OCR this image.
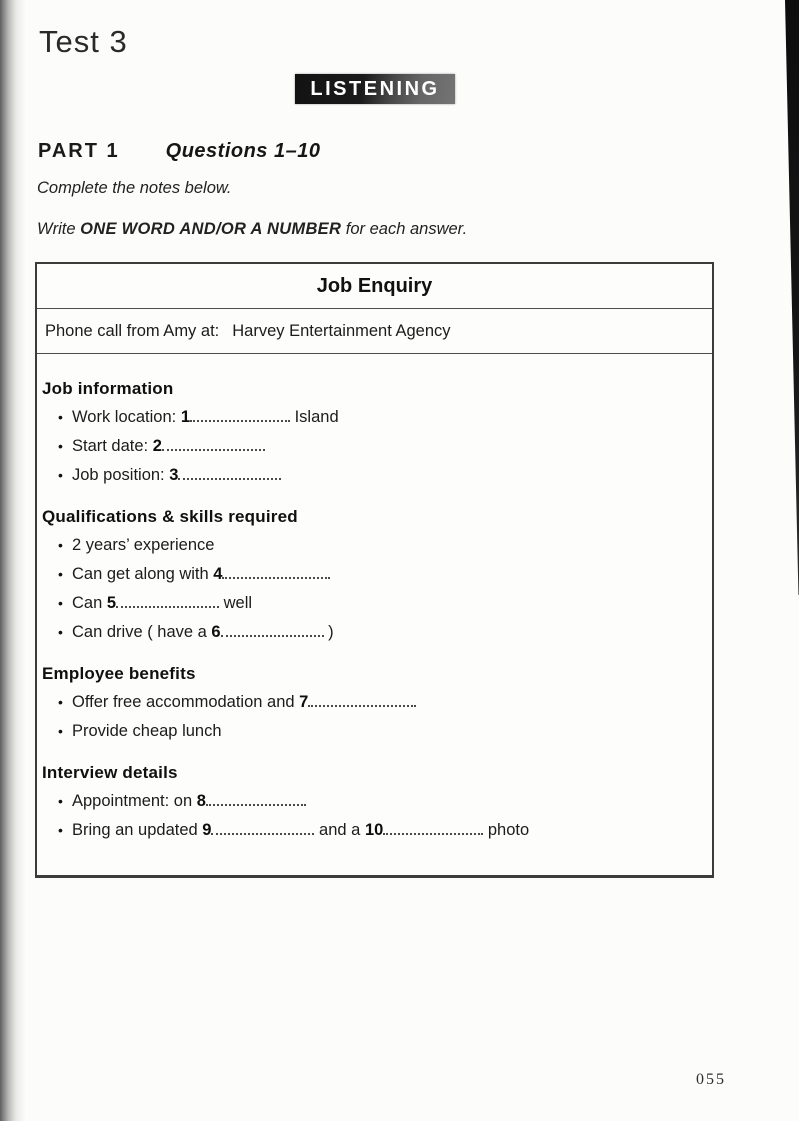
Test 3
LISTENING
PART 1 Questions 1–10
Complete the notes below.
Write ONE WORD AND/OR A NUMBER for each answer.
Job Enquiry
Phone call from Amy at: Harvey Entertainment Agency
Job information
• Work location: 1	Island
• Start date: 2
• Job position: 3
Qualifications & skills required
• 2 years’ experience
• Can get along with 4
• Can 5	well
• Can drive ( have a 6	)
Employee benefits
• Offer free accommodation and 7
• Provide cheap lunch
Interview details
• Appointment: on 8
• Bring an updated 9	and a 10	photo
055
